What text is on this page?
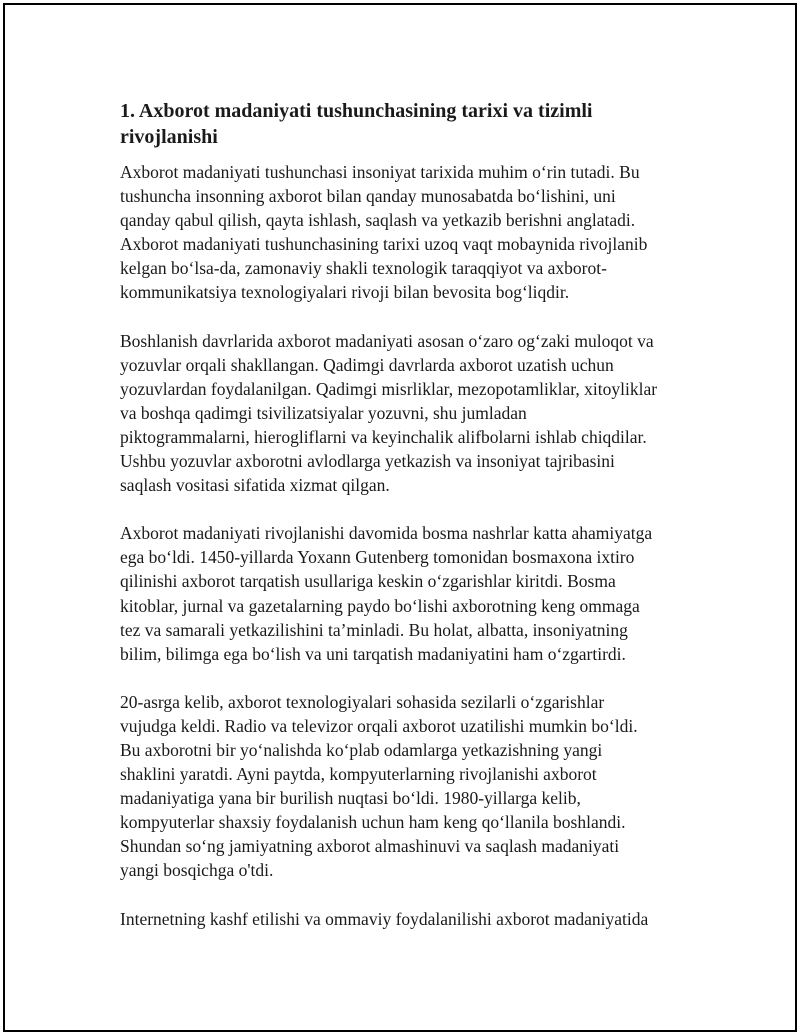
1. Axborot madaniyati tushunchasining tarixi va tizimli
rivojlanishi
Axborot madaniyati tushunchasi insoniyat tarixida muhim o‘rin tutadi. Bu
tushuncha insonning axborot bilan qanday munosabatda bo‘lishini, uni
qanday qabul qilish, qayta ishlash, saqlash va yetkazib berishni anglatadi.
Axborot madaniyati tushunchasining tarixi uzoq vaqt mobaynida rivojlanib
kelgan bo‘lsa-da, zamonaviy shakli texnologik taraqqiyot va axborot-
kommunikatsiya texnologiyalari rivoji bilan bevosita bog‘liqdir.
Boshlanish davrlarida axborot madaniyati asosan o‘zaro og‘zaki muloqot va
yozuvlar orqali shakllangan. Qadimgi davrlarda axborot uzatish uchun
yozuvlardan foydalanilgan. Qadimgi misrliklar, mezopotamliklar, xitoyliklar
va boshqa qadimgi tsivilizatsiyalar yozuvni, shu jumladan
piktogrammalarni, hierogliflarni va keyinchalik alifbolarni ishlab chiqdilar.
Ushbu yozuvlar axborotni avlodlarga yetkazish va insoniyat tajribasini
saqlash vositasi sifatida xizmat qilgan.
Axborot madaniyati rivojlanishi davomida bosma nashrlar katta ahamiyatga
ega bo‘ldi. 1450-yillarda Yoxann Gutenberg tomonidan bosmaxona ixtiro
qilinishi axborot tarqatish usullariga keskin o‘zgarishlar kiritdi. Bosma
kitoblar, jurnal va gazetalarning paydo bo‘lishi axborotning keng ommaga
tez va samarali yetkazilishini ta’minladi. Bu holat, albatta, insoniyatning
bilim, bilimga ega bo‘lish va uni tarqatish madaniyatini ham o‘zgartirdi.
20-asrga kelib, axborot texnologiyalari sohasida sezilarli o‘zgarishlar
vujudga keldi. Radio va televizor orqali axborot uzatilishi mumkin bo‘ldi.
Bu axborotni bir yo‘nalishda ko‘plab odamlarga yetkazishning yangi
shaklini yaratdi. Ayni paytda, kompyuterlarning rivojlanishi axborot
madaniyatiga yana bir burilish nuqtasi bo‘ldi. 1980-yillarga kelib,
kompyuterlar shaxsiy foydalanish uchun ham keng qo‘llanila boshlandi.
Shundan so‘ng jamiyatning axborot almashinuvi va saqlash madaniyati
yangi bosqichga o'tdi.
Internetning kashf etilishi va ommaviy foydalanilishi axborot madaniyatida
